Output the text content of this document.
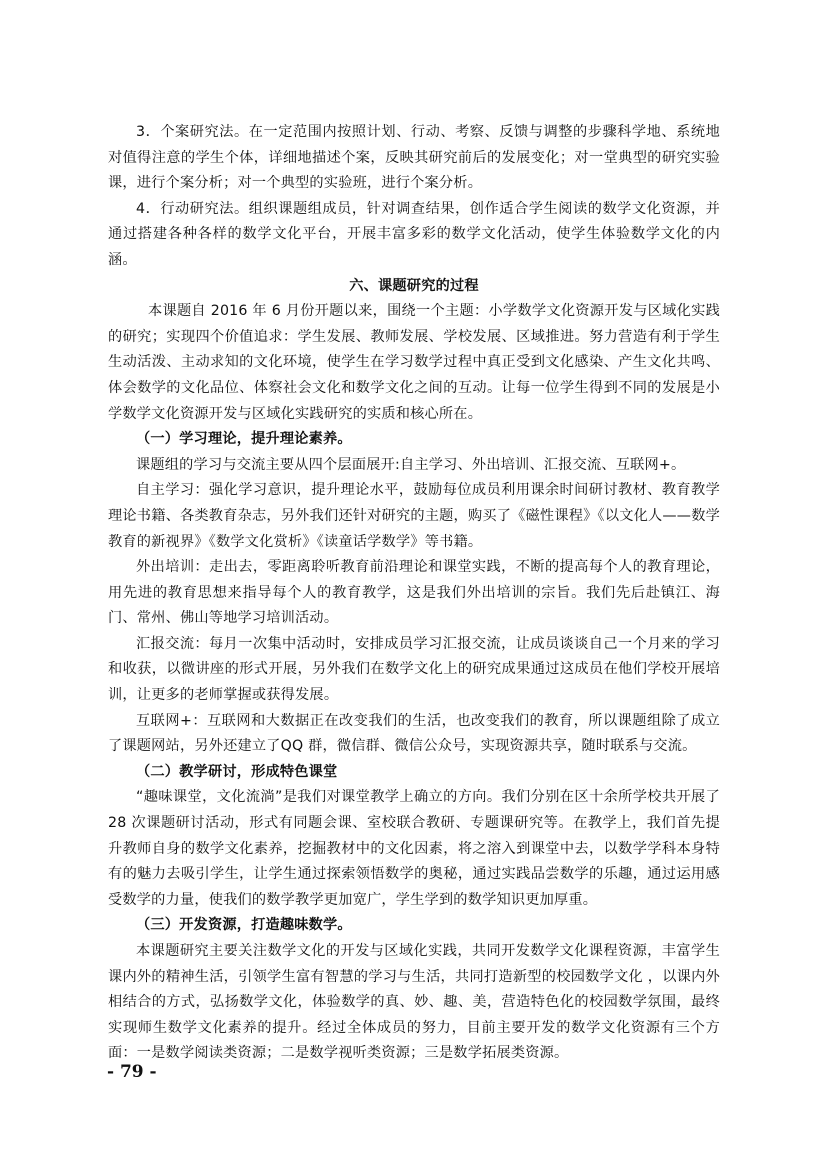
3．个案研究法。在一定范围内按照计划、行动、考察、反馈与调整的步骤科学地、系统地对值得注意的学生个体，详细地描述个案，反映其研究前后的发展变化；对一堂典型的研究实验课，进行个案分析；对一个典型的实验班，进行个案分析。

4．行动研究法。组织课题组成员，针对调查结果，创作适合学生阅读的数学文化资源，并通过搭建各种各样的数学文化平台，开展丰富多彩的数学文化活动，使学生体验数学文化的内涵。

六、课题研究的过程

本课题自 2016 年 6 月份开题以来，围绕一个主题：小学数学文化资源开发与区域化实践的研究；实现四个价值追求：学生发展、教师发展、学校发展、区域推进。努力营造有利于学生生动活泼、主动求知的文化环境，使学生在学习数学过程中真正受到文化感染、产生文化共鸣、体会数学的文化品位、体察社会文化和数学文化之间的互动。让每一位学生得到不同的发展是小学数学文化资源开发与区域化实践研究的实质和核心所在。

（一）学习理论，提升理论素养。

课题组的学习与交流主要从四个层面展开:自主学习、外出培训、汇报交流、互联网+。

自主学习：强化学习意识，提升理论水平，鼓励每位成员利用课余时间研讨教材、教育教学理论书籍、各类教育杂志，另外我们还针对研究的主题，购买了《磁性课程》《以文化人——数学教育的新视界》《数学文化赏析》《读童话学数学》等书籍。

外出培训：走出去，零距离聆听教育前沿理论和课堂实践，不断的提高每个人的教育理论，用先进的教育思想来指导每个人的教育教学，这是我们外出培训的宗旨。我们先后赴镇江、海门、常州、佛山等地学习培训活动。

汇报交流：每月一次集中活动时，安排成员学习汇报交流，让成员谈谈自己一个月来的学习和收获，以微讲座的形式开展，另外我们在数学文化上的研究成果通过这成员在他们学校开展培训，让更多的老师掌握或获得发展。

互联网+：互联网和大数据正在改变我们的生活，也改变我们的教育，所以课题组除了成立了课题网站，另外还建立了QQ 群，微信群、微信公众号，实现资源共享，随时联系与交流。

（二）教学研讨，形成特色课堂

“趣味课堂，文化流淌”是我们对课堂教学上确立的方向。我们分别在区十余所学校共开展了 28 次课题研讨活动，形式有同题会课、室校联合教研、专题课研究等。在教学上，我们首先提升教师自身的数学文化素养，挖掘教材中的文化因素，将之溶入到课堂中去，以数学学科本身特有的魅力去吸引学生，让学生通过探索领悟数学的奥秘，通过实践品尝数学的乐趣，通过运用感受数学的力量，使我们的数学教学更加宽广，学生学到的数学知识更加厚重。

（三）开发资源，打造趣味数学。

本课题研究主要关注数学文化的开发与区域化实践，共同开发数学文化课程资源，丰富学生课内外的精神生活，引领学生富有智慧的学习与生活，共同打造新型的校园数学文化 ，以课内外相结合的方式，弘扬数学文化，体验数学的真、妙、趣、美，营造特色化的校园数学氛围，最终实现师生数学文化素养的提升。经过全体成员的努力，目前主要开发的数学文化资源有三个方面：一是数学阅读类资源；二是数学视听类资源；三是数学拓展类资源。

- 79 -
